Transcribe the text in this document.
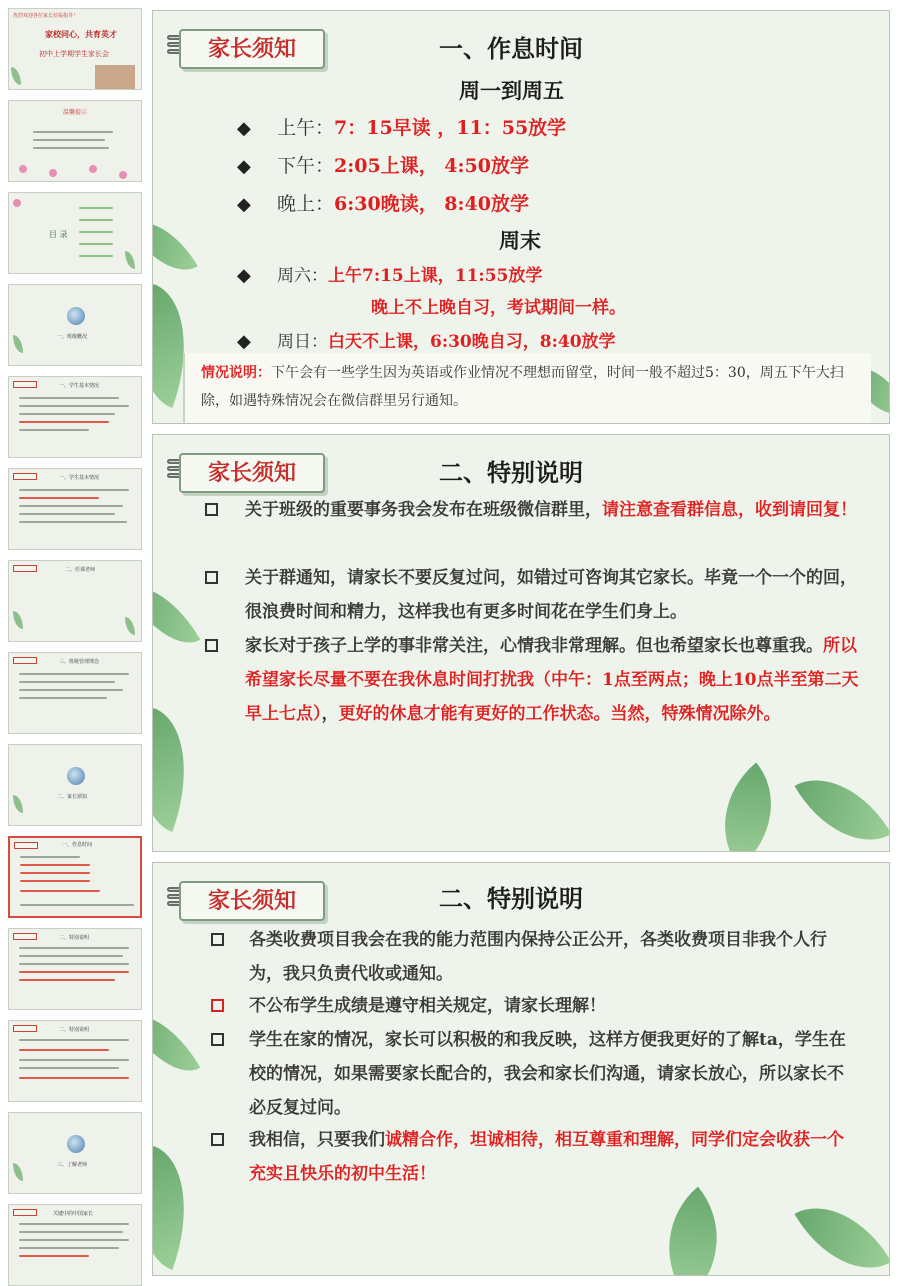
热烈欢迎各位家长莅临指导！
家校同心，共育英才
初中上学期学生家长会
温馨提示
目 录
一、班级概况
一、学生基本情况
一、学生基本情况
二、任课老师
三、班级管理理念
二、家长须知
一、作息时间
二、特别说明
二、特别说明
三、了解老师
关键中的中国家长
家长须知	一、作息时间
周一到周五
◆ 上午：7：15早读 ，11：55放学
◆ 下午：2:05上课， 4:50放学
◆ 晚上：6:30晚读， 8:40放学
周末
◆ 周六：上午7:15上课，11:55放学
晚上不上晚自习，考试期间一样。
◆ 周日：白天不上课，6:30晚自习，8:40放学
情况说明：下午会有一些学生因为英语或作业情况不理想而留堂，时间一般不超过5：30，周五下午大扫除，如遇特殊情况会在微信群里另行通知。
家长须知	二、特别说明
关于班级的重要事务我会发布在班级微信群里，请注意查看群信息，收到请回复！
关于群通知，请家长不要反复过问，如错过可咨询其它家长。毕竟一个一个的回，很浪费时间和精力，这样我也有更多时间花在学生们身上。
家长对于孩子上学的事非常关注，心情我非常理解。但也希望家长也尊重我。所以希望家长尽量不要在我休息时间打扰我（中午：1点至两点；晚上10点半至第二天早上七点），更好的休息才能有更好的工作状态。当然，特殊情况除外。
家长须知	二、特别说明
各类收费项目我会在我的能力范围内保持公正公开，各类收费项目非我个人行为，我只负责代收或通知。
不公布学生成绩是遵守相关规定，请家长理解！
学生在家的情况，家长可以积极的和我反映，这样方便我更好的了解ta，学生在校的情况，如果需要家长配合的，我会和家长们沟通，请家长放心，所以家长不必反复过问。
我相信，只要我们诚精合作，坦诚相待，相互尊重和理解，同学们定会收获一个充实且快乐的初中生活！
